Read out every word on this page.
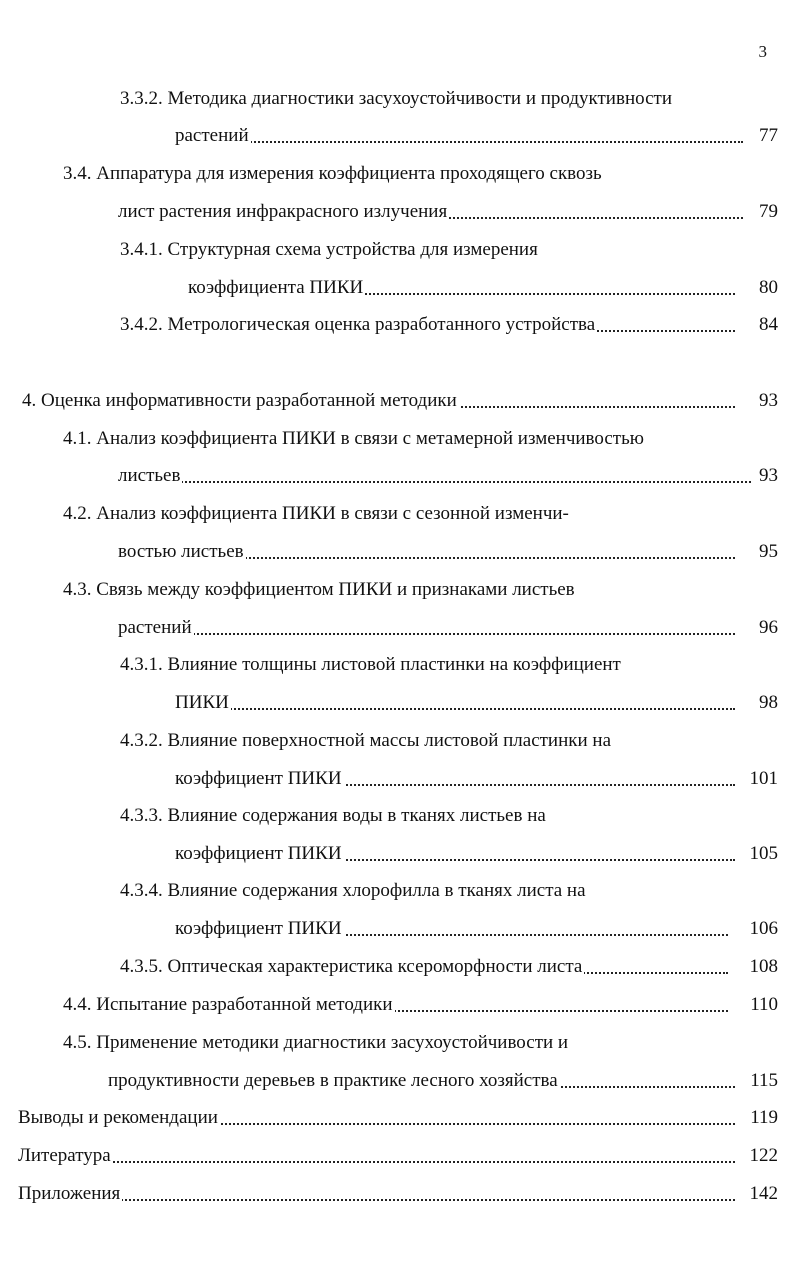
3
3.3.2. Методика диагностики засухоустойчивости и продуктивности
растений	77
3.4. Аппаратура для измерения коэффициента проходящего сквозь
лист растения инфракрасного излучения	79
3.4.1. Структурная схема устройства для измерения
коэффициента ПИКИ	80
3.4.2. Метрологическая оценка разработанного устройства	84
4. Оценка информативности разработанной методики	93
4.1. Анализ коэффициента ПИКИ в связи с метамерной изменчивостью
листьев	93
4.2. Анализ коэффициента ПИКИ в связи с сезонной изменчи-
востью листьев	95
4.3. Связь между коэффициентом ПИКИ и признаками листьев
растений	96
4.3.1. Влияние толщины листовой пластинки на коэффициент
ПИКИ	98
4.3.2. Влияние поверхностной массы листовой пластинки на
коэффициент ПИКИ	101
4.3.3. Влияние содержания воды в тканях листьев на
коэффициент ПИКИ	105
4.3.4. Влияние содержания хлорофилла в тканях листа на
коэффициент ПИКИ	106
4.3.5. Оптическая характеристика ксероморфности листа	108
4.4. Испытание разработанной методики	110
4.5. Применение методики диагностики засухоустойчивости и
продуктивности деревьев в практике лесного хозяйства	115
Выводы и рекомендации	119
Литература	122
Приложения	142
